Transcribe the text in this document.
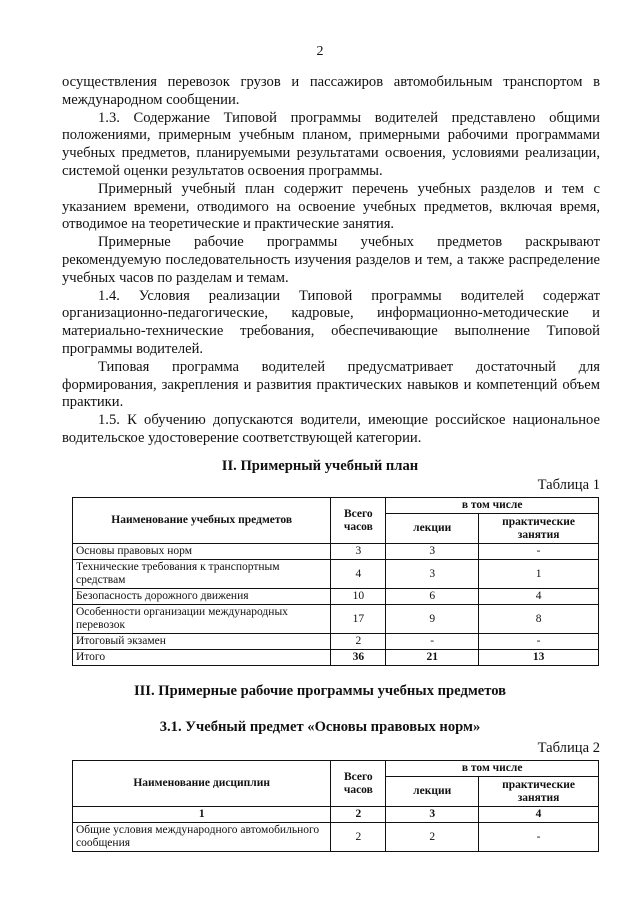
2

осуществления перевозок грузов и пассажиров автомобильным транспортом в международном сообщении.

1.3. Содержание Типовой программы водителей представлено общими положениями, примерным учебным планом, примерными рабочими программами учебных предметов, планируемыми результатами освоения, условиями реализации, системой оценки результатов освоения программы.

Примерный учебный план содержит перечень учебных разделов и тем с указанием времени, отводимого на освоение учебных предметов, включая время, отводимое на теоретические и практические занятия.

Примерные рабочие программы учебных предметов раскрывают рекомендуемую последовательность изучения разделов и тем, а также распределение учебных часов по разделам и темам.

1.4. Условия реализации Типовой программы водителей содержат организационно-педагогические, кадровые, информационно-методические и материально-технические требования, обеспечивающие выполнение Типовой программы водителей.

Типовая программа водителей предусматривает достаточный для формирования, закрепления и развития практических навыков и компетенций объем практики.

1.5. К обучению допускаются водители, имеющие российское национальное водительское удостоверение соответствующей категории.

II. Примерный учебный план
Таблица 1
Наименование учебных предметов	Всего часов	в том числе	
		лекции	практические занятия
Основы правовых норм	3	3	-
Технические требования к транспортным средствам	4	3	1
Безопасность дорожного движения	10	6	4
Особенности организации международных перевозок	17	9	8
Итоговый экзамен	2	-	-
Итого	36	21	13
III. Примерные рабочие программы учебных предметов
3.1. Учебный предмет «Основы правовых норм»
Таблица 2
Наименование дисциплин	Всего часов	в том числе	
		лекции	практические занятия
1	2	3	4
Общие условия международного автомобильного сообщения	2	2	-
